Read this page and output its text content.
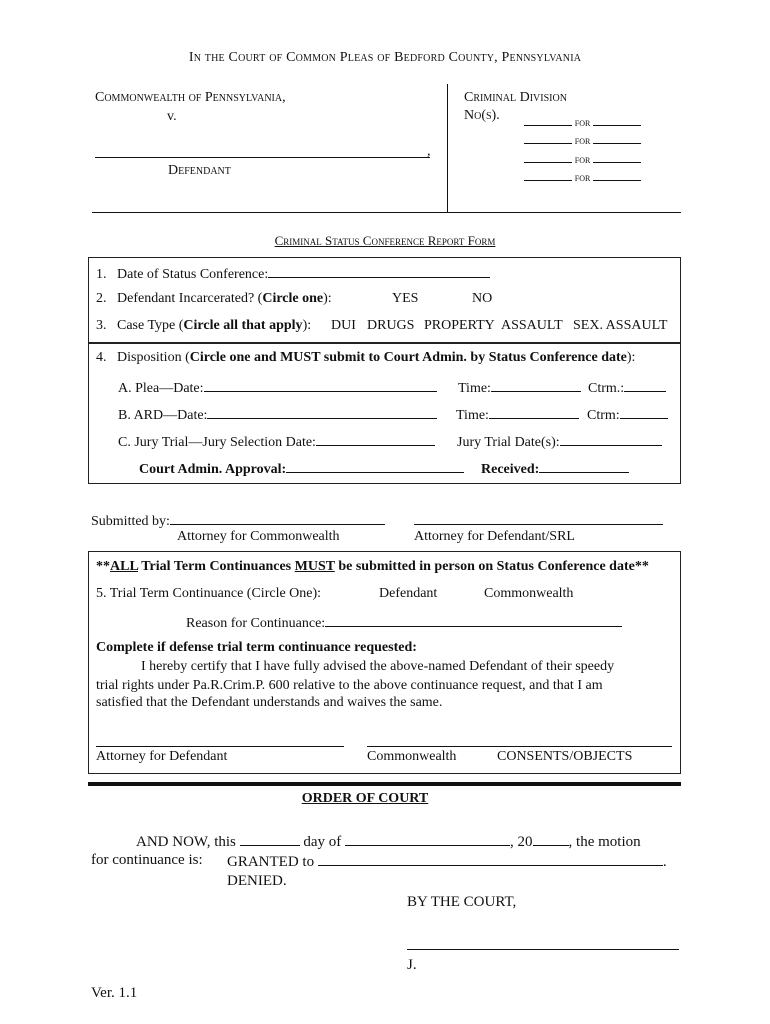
In the Court of Common Pleas of Bedford County, Pennsylvania
Commonwealth of Pennsylvania,
v.
,
Defendant
Criminal Division
No(s).	for
for
for
for
Criminal Status Conference Report Form
1. Date of Status Conference:
2. Defendant Incarcerated? (Circle one):	YES	NO
3. Case Type (Circle all that apply): DUI DRUGS PROPERTY ASSAULT SEX. ASSAULT
4. Disposition (Circle one and MUST submit to Court Admin. by Status Conference date):
A. Plea—Date:	Time:	Ctrm.:
B. ARD—Date:	Time:	Ctrm:
C. Jury Trial—Jury Selection Date:	Jury Trial Date(s):
Court Admin. Approval:	Received:
Submitted by:
Attorney for Commonwealth	Attorney for Defendant/SRL
**ALL Trial Term Continuances MUST be submitted in person on Status Conference date**
5. Trial Term Continuance (Circle One):	Defendant	Commonwealth
Reason for Continuance:
Complete if defense trial term continuance requested:
I hereby certify that I have fully advised the above-named Defendant of their speedy
trial rights under Pa.R.Crim.P. 600 relative to the above continuance request, and that I am
satisfied that the Defendant understands and waives the same.
Attorney for Defendant	Commonwealth	CONSENTS/OBJECTS
ORDER OF COURT
AND NOW, this	day of	, 20 , the motion
for continuance is:	GRANTED to	.
DENIED.
BY THE COURT,
J.
Ver. 1.1
